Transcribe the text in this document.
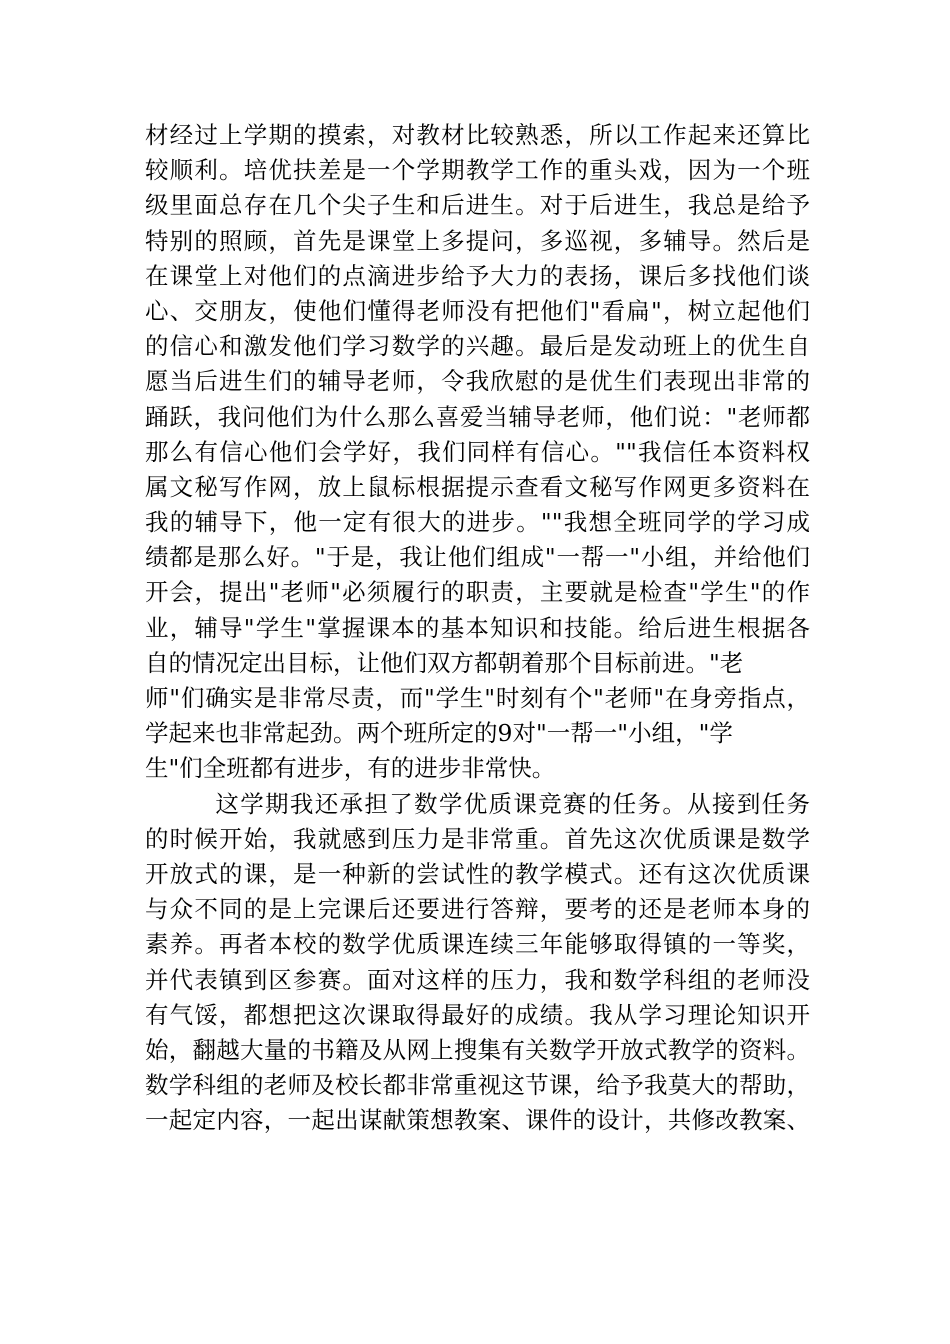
材经过上学期的摸索，对教材比较熟悉，所以工作起来还算比
较顺利。培优扶差是一个学期教学工作的重头戏，因为一个班
级里面总存在几个尖子生和后进生。对于后进生，我总是给予
特别的照顾，首先是课堂上多提问，多巡视，多辅导。然后是
在课堂上对他们的点滴进步给予大力的表扬，课后多找他们谈
心、交朋友，使他们懂得老师没有把他们"看扁"，树立起他们
的信心和激发他们学习数学的兴趣。最后是发动班上的优生自
愿当后进生们的辅导老师，令我欣慰的是优生们表现出非常的
踊跃，我问他们为什么那么喜爱当辅导老师，他们说："老师都
那么有信心他们会学好，我们同样有信心。""我信任本资料权
属文秘写作网，放上鼠标根据提示查看文秘写作网更多资料在
我的辅导下，他一定有很大的进步。""我想全班同学的学习成
绩都是那么好。"于是，我让他们组成"一帮一"小组，并给他们
开会，提出"老师"必须履行的职责，主要就是检查"学生"的作
业，辅导"学生"掌握课本的基本知识和技能。给后进生根据各
自的情况定出目标，让他们双方都朝着那个目标前进。"老
师"们确实是非常尽责，而"学生"时刻有个"老师"在身旁指点，
学起来也非常起劲。两个班所定的9对"一帮一"小组，"学
生"们全班都有进步，有的进步非常快。
这学期我还承担了数学优质课竞赛的任务。从接到任务
的时候开始，我就感到压力是非常重。首先这次优质课是数学
开放式的课，是一种新的尝试性的教学模式。还有这次优质课
与众不同的是上完课后还要进行答辩，要考的还是老师本身的
素养。再者本校的数学优质课连续三年能够取得镇的一等奖，
并代表镇到区参赛。面对这样的压力，我和数学科组的老师没
有气馁，都想把这次课取得最好的成绩。我从学习理论知识开
始，翻越大量的书籍及从网上搜集有关数学开放式教学的资料。
数学科组的老师及校长都非常重视这节课，给予我莫大的帮助，
一起定内容，一起出谋献策想教案、课件的设计，共修改教案、
